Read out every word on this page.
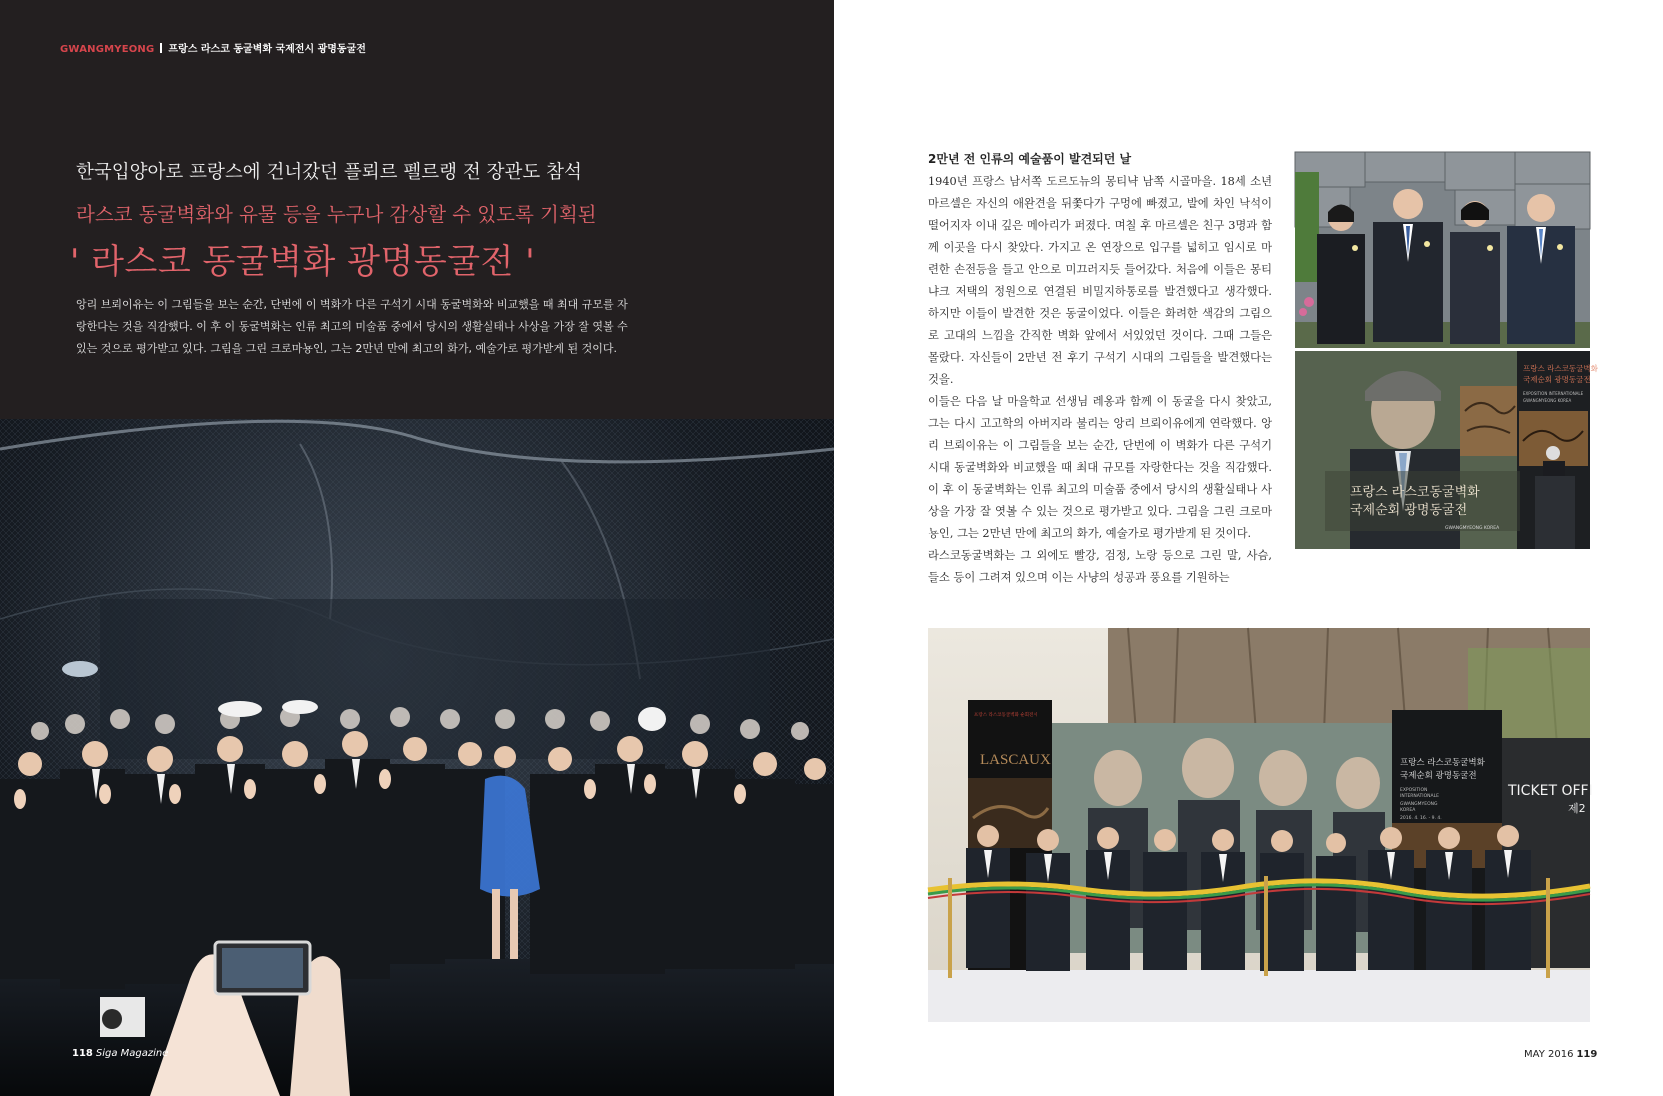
GWANGMYEONG 프랑스 라스코 동굴벽화 국제전시 광명동굴전
한국입양아로 프랑스에 건너갔던 플뢰르 펠르랭 전 장관도 참석
라스코 동굴벽화와 유물 등을 누구나 감상할 수 있도록 기획된
' 라스코 동굴벽화 광명동굴전 '
앙리 브뢰이유는 이 그림들을 보는 순간, 단번에 이 벽화가 다른 구석기 시대 동굴벽화와 비교했을 때 최대 규모를 자
랑한다는 것을 직감했다. 이 후 이 동굴벽화는 인류 최고의 미술품 중에서 당시의 생활실태나 사상을 가장 잘 엿볼 수
있는 것으로 평가받고 있다. 그림을 그린 크로마뇽인, 그는 2만년 만에 최고의 화가, 예술가로 평가받게 된 것이다.
118 Siga Magazine
2만년 전 인류의 예술품이 발견되던 날

1940년 프랑스 남서쪽 도르도뉴의 몽티냑 남쪽 시골마을. 18세 소년 마르셀은 자신의 애완견을 뒤쫓다가 구멍에 빠졌고, 발에 차인 낙석이 떨어지자 이내 깊은 메아리가 퍼졌다. 며칠 후 마르셀은 친구 3명과 함께 이곳을 다시 찾았다. 가지고 온 연장으로 입구를 넓히고 임시로 마련한 손전등을 들고 안으로 미끄러지듯 들어갔다. 처음에 이들은 몽티냐크 저택의 정원으로 연결된 비밀지하통로를 발견했다고 생각했다. 하지만 이들이 발견한 것은 동굴이었다. 이들은 화려한 색감의 그림으로 고대의 느낌을 간직한 벽화 앞에서 서있었던 것이다. 그때 그들은 몰랐다. 자신들이 2만년 전 후기 구석기 시대의 그림들을 발견했다는 것을.

이들은 다음 날 마을학교 선생님 레옹과 함께 이 동굴을 다시 찾았고, 그는 다시 고고학의 아버지라 불리는 앙리 브뢰이유에게 연락했다. 앙리 브뢰이유는 이 그림들을 보는 순간, 단번에 이 벽화가 다른 구석기 시대 동굴벽화와 비교했을 때 최대 규모를 자랑한다는 것을 직감했다. 이 후 이 동굴벽화는 인류 최고의 미술품 중에서 당시의 생활실태나 사상을 가장 잘 엿볼 수 있는 것으로 평가받고 있다. 그림을 그린 크로마뇽인, 그는 2만년 만에 최고의 화가, 예술가로 평가받게 된 것이다.

라스코동굴벽화는 그 외에도 빨강, 검정, 노랑 등으로 그린 말, 사슴, 들소 등이 그려져 있으며 이는 사냥의 성공과 풍요를 기원하는

프랑스 라스코동굴벽화
국제순회 광명동굴전
EXPOSITION INTERNATIONALE
GWANGMYEONG KOREA
프랑스 라스코동굴벽화
국제순회 광명동굴전
GWANGMYEONG KOREA
프랑스 라스코동굴벽화 순회전시
LASCAUX	프랑스 라스코동굴벽화
국제순회 광명동굴전
EXPOSITION
INTERNATIONALE
GWANGMYEONG
KOREA
2016. 4. 16. - 9. 4.
TICKET OFFI
제2
MAY 2016 119
